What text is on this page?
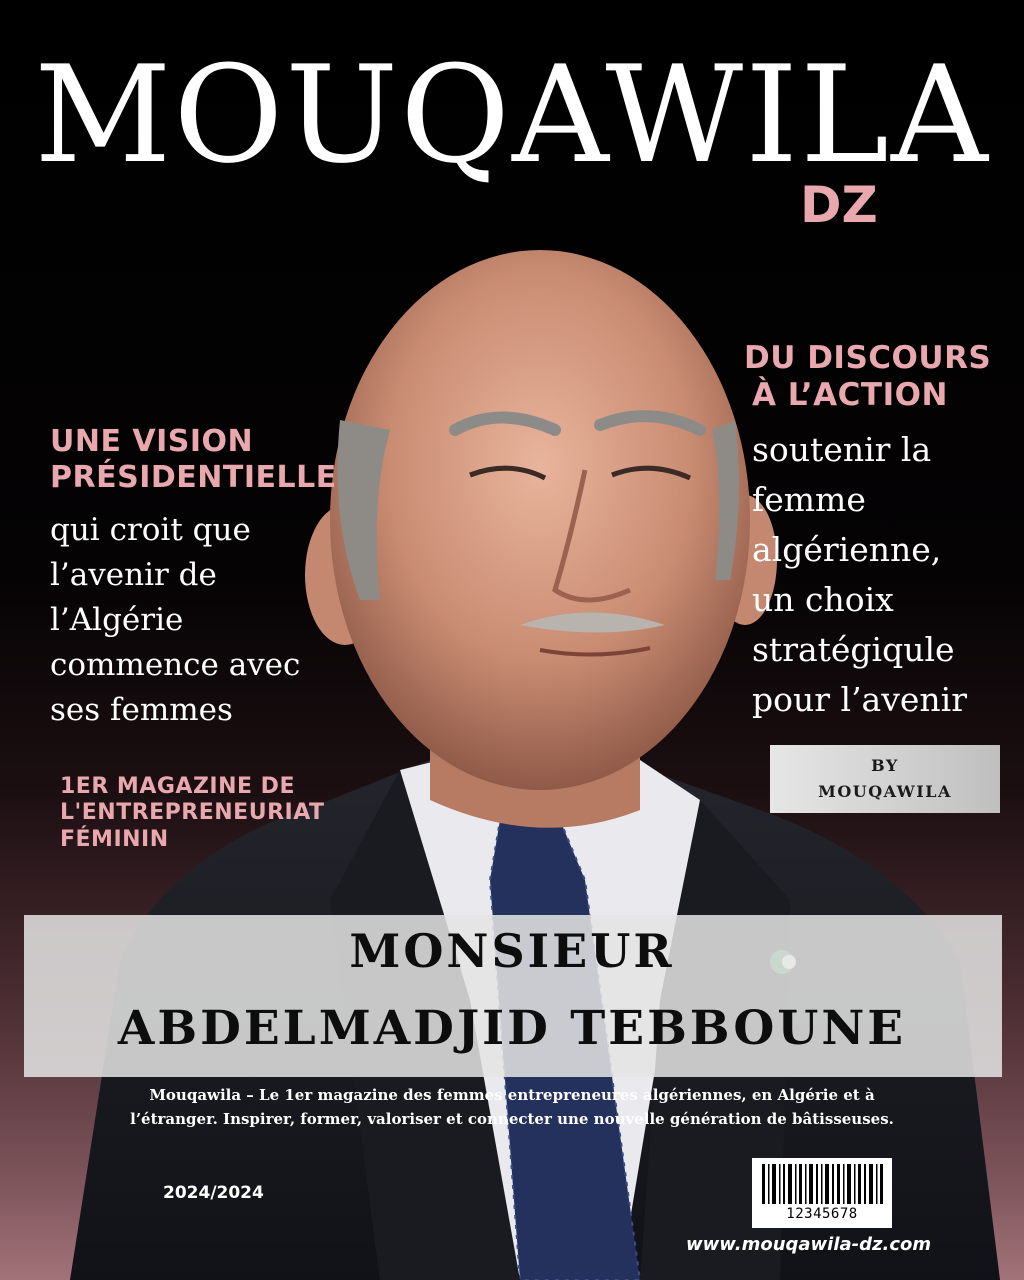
MOUQAWILA
DZ
UNE VISION
PRÉSIDENTIELLE
qui croit que
l’avenir de
l’Algérie
commence avec
ses femmes
DU DISCOURS
À L’ACTION
soutenir la
femme
algérienne,
un choix
stratégiqule
pour l’avenir
BY
MOUQAWILA
1ER MAGAZINE DE
L'ENTREPRENEURIAT
FÉMININ
MONSIEUR
ABDELMADJID TEBBOUNE
Mouqawila – Le 1er magazine des femmes entrepreneures algériennes, en Algérie et à
l’étranger. Inspirer, former, valoriser et connecter une nouvelle génération de bâtisseuses.
2024/2024
12345678
www.mouqawila-dz.com
